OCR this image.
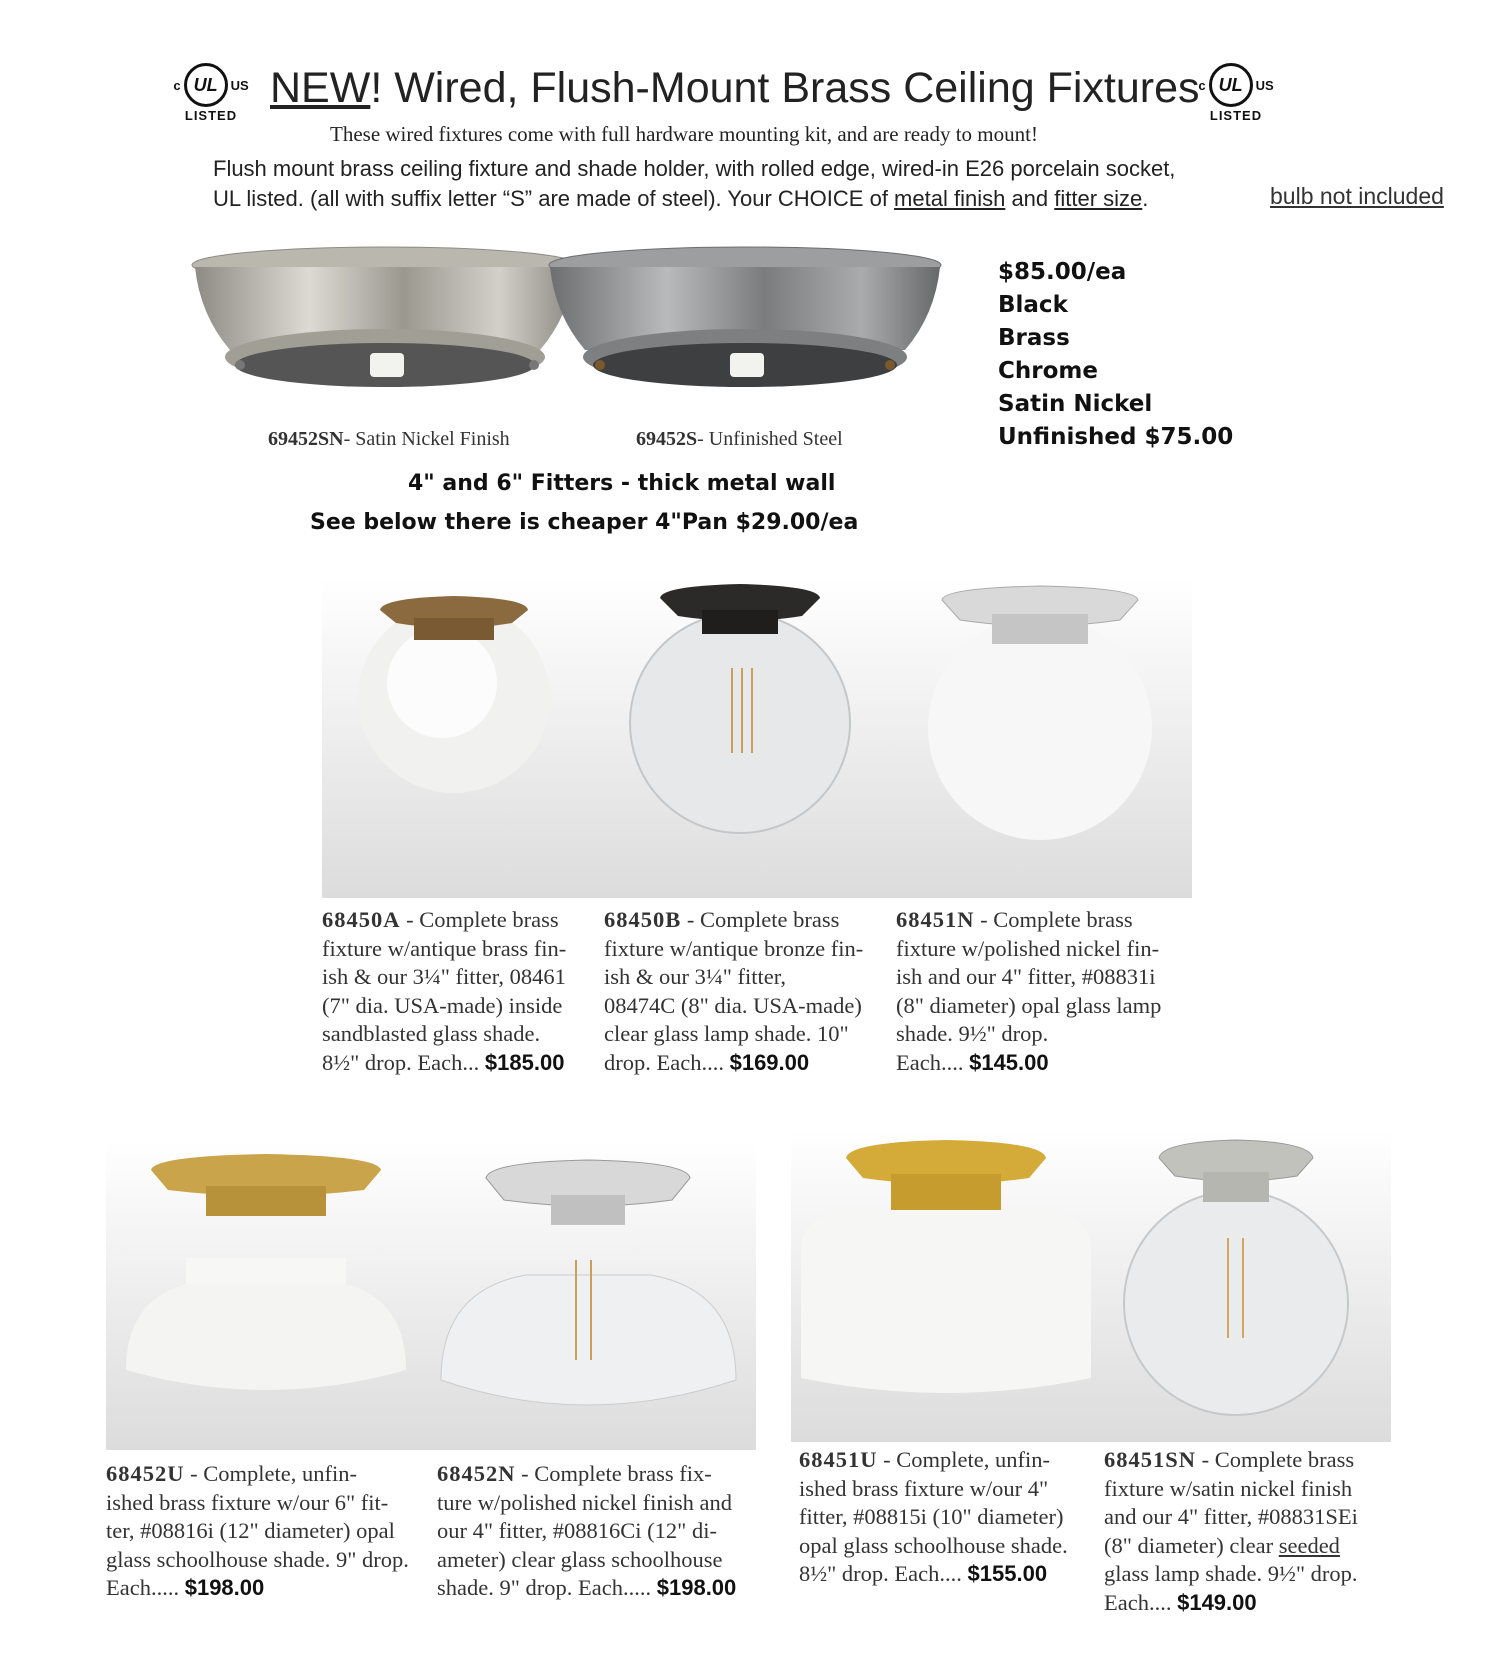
c UL	US
LISTED
NEW! Wired, Flush-Mount Brass Ceiling Fixtures
c UL	US
LISTED
These wired fixtures come with full hardware mounting kit, and are ready to mount!
Flush mount brass ceiling fixture and shade holder, with rolled edge, wired-in E26 porcelain socket,
UL listed. (all with suffix letter “S” are made of steel). Your CHOICE of metal finish and fitter size.	bulb not included
69452SN- Satin Nickel Finish	69452S- Unfinished Steel
$85.00/ea
Black
Brass
Chrome
Satin Nickel
Unfinished $75.00
4" and 6" Fitters - thick metal wall
See below there is cheaper 4"Pan $29.00/ea
68450A - Complete brass
fixture w/antique brass fin-
ish & our 3¼" fitter, 08461
(7" dia. USA-made) inside
sandblasted glass shade.
8½" drop. Each... $185.00
68450B - Complete brass
fixture w/antique bronze fin-
ish & our 3¼" fitter,
08474C (8" dia. USA-made)
clear glass lamp shade. 10"
drop. Each.... $169.00
68451N - Complete brass
fixture w/polished nickel fin-
ish and our 4" fitter, #08831i
(8" diameter) opal glass lamp
shade. 9½" drop.
Each.... $145.00
68452U - Complete, unfin-
ished brass fixture w/our 6" fit-
ter, #08816i (12" diameter) opal
glass schoolhouse shade. 9" drop.
Each..... $198.00
68452N - Complete brass fix-
ture w/polished nickel finish and
our 4" fitter, #08816Ci (12" di-
ameter) clear glass schoolhouse
shade. 9" drop. Each..... $198.00
68451U - Complete, unfin-
ished brass fixture w/our 4"
fitter, #08815i (10" diameter)
opal glass schoolhouse shade.
8½" drop. Each.... $155.00
68451SN - Complete brass
fixture w/satin nickel finish
and our 4" fitter, #08831SEi
(8" diameter) clear seeded
glass lamp shade. 9½" drop.
Each.... $149.00
